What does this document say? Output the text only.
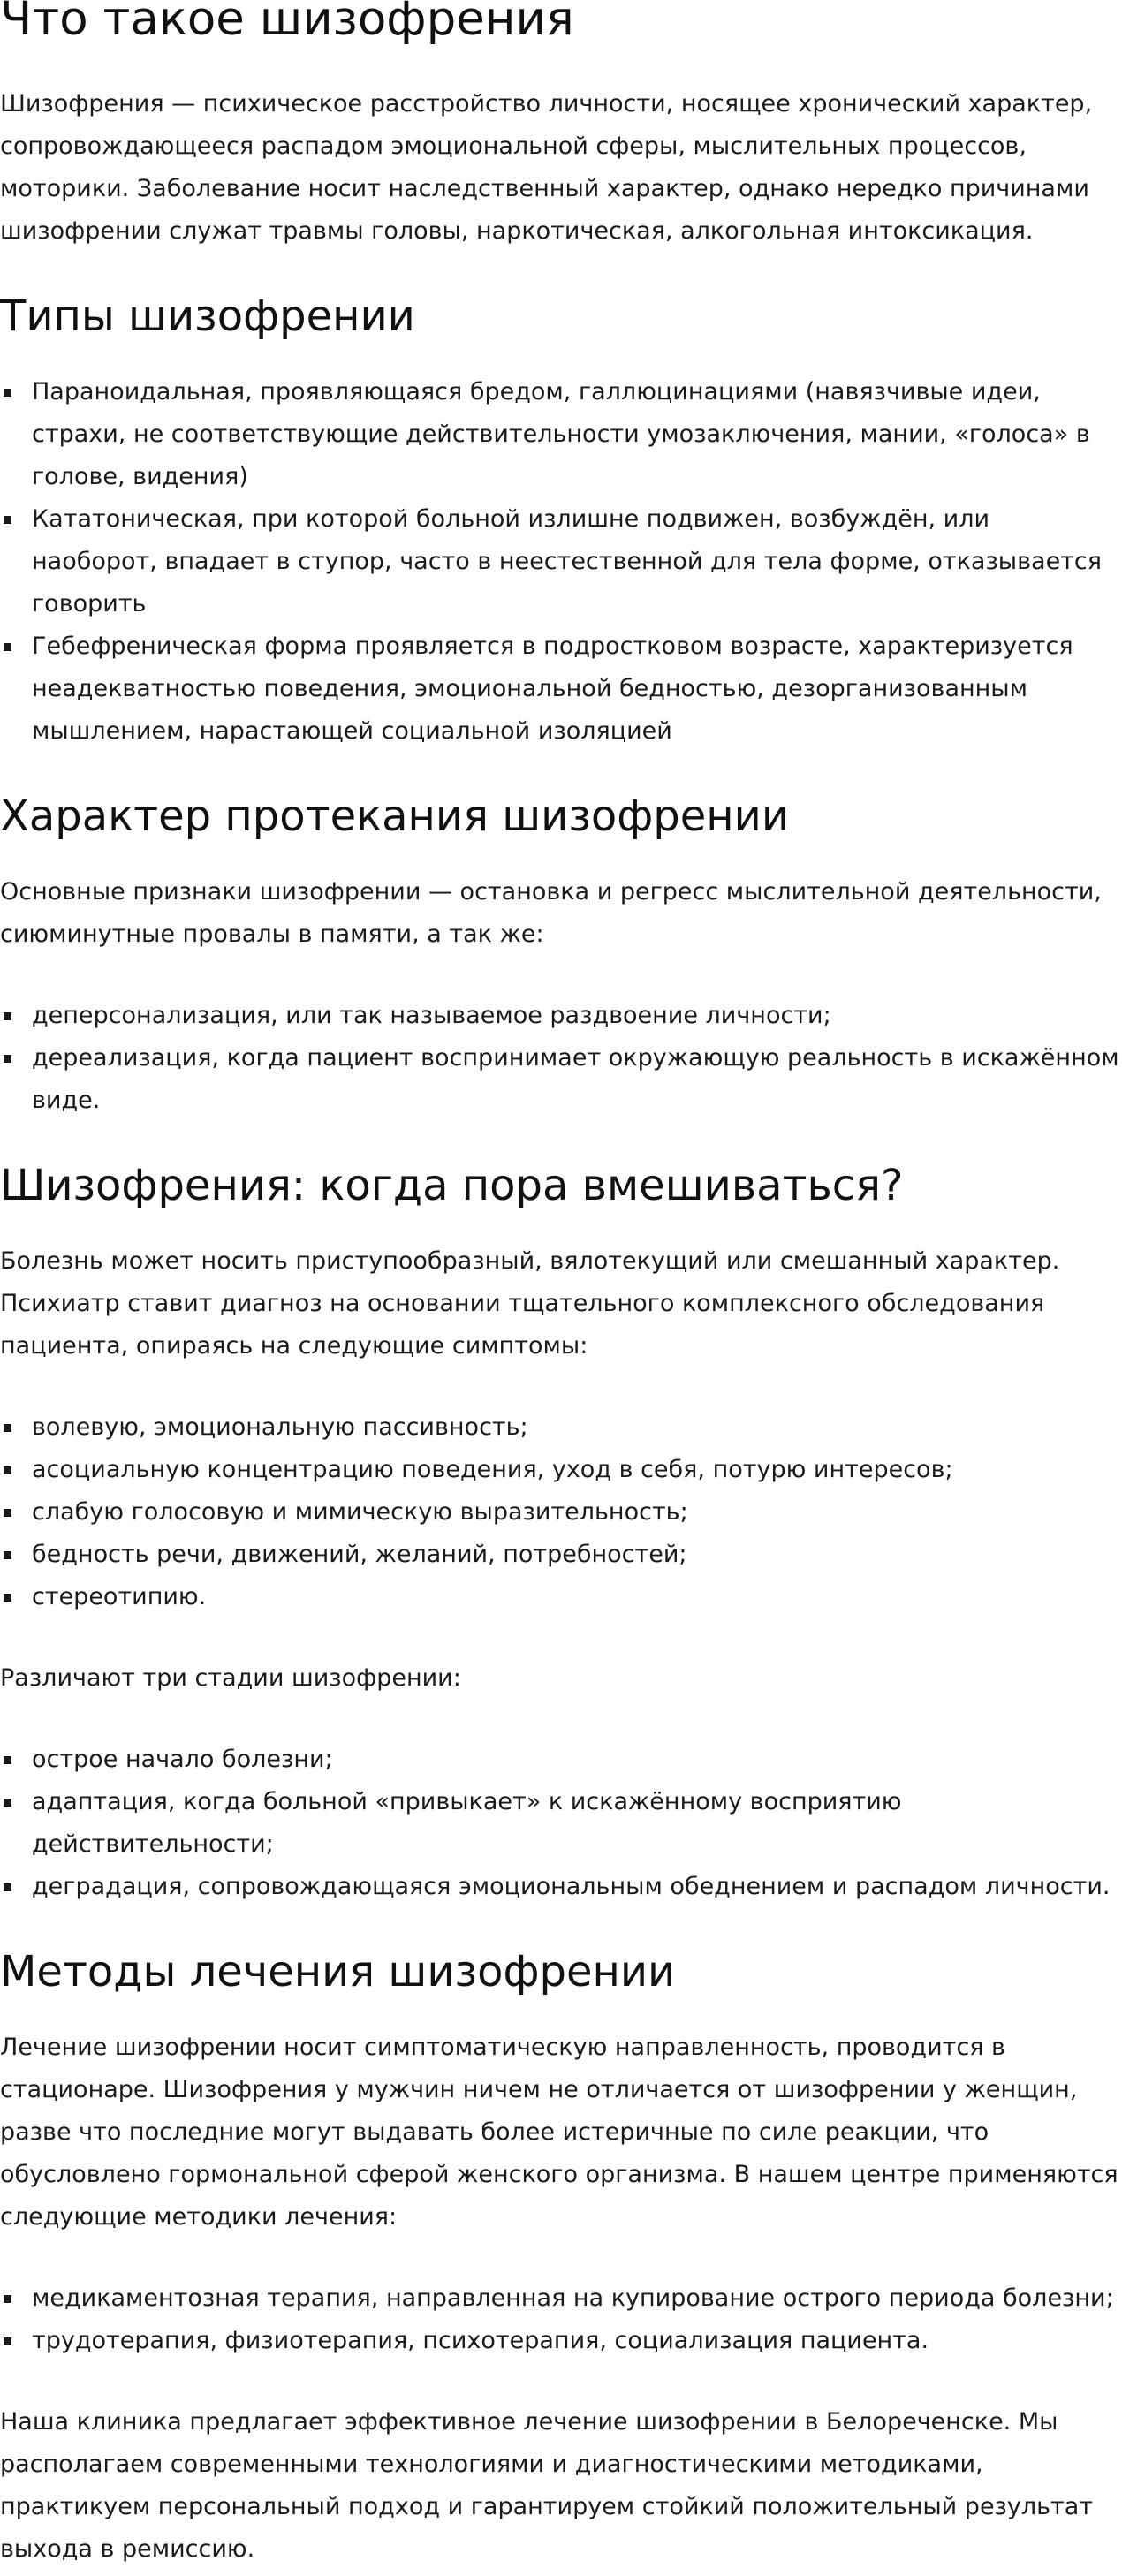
Что такое шизофрения

Шизофрения — психическое расстройство личности, носящее хронический характер, сопровождающееся распадом эмоциональной сферы, мыслительных процессов, моторики. Заболевание носит наследственный характер, однако нередко причинами шизофрении служат травмы головы, наркотическая, алкогольная интоксикация.

Типы шизофрении
Параноидальная, проявляющаяся бредом, галлюцинациями (навязчивые идеи, страхи, не соответствующие действительности умозаключения, мании, «голоса» в голове, видения)
Кататоническая, при которой больной излишне подвижен, возбуждён, или наоборот, впадает в ступор, часто в неестественной для тела форме, отказывается говорить
Гебефреническая форма проявляется в подростковом возрасте, характеризуется неадекватностью поведения, эмоциональной бедностью, дезорганизованным мышлением, нарастающей социальной изоляцией
Характер протекания шизофрении

Основные признаки шизофрении — остановка и регресс мыслительной деятельности, сиюминутные провалы в памяти, а так же:

деперсонализация, или так называемое раздвоение личности;
дереализация, когда пациент воспринимает окружающую реальность в искажённом виде.
Шизофрения: когда пора вмешиваться?

Болезнь может носить приступообразный, вялотекущий или смешанный характер. Психиатр ставит диагноз на основании тщательного комплексного обследования пациента, опираясь на следующие симптомы:

волевую, эмоциональную пассивность;
асоциальную концентрацию поведения, уход в себя, потурю интересов;
слабую голосовую и мимическую выразительность;
бедность речи, движений, желаний, потребностей;
стереотипию.

Различают три стадии шизофрении:

острое начало болезни;
адаптация, когда больной «привыкает» к искажённому восприятию действительности;
деградация, сопровождающаяся эмоциональным обеднением и распадом личности.
Методы лечения шизофрении

Лечение шизофрении носит симптоматическую направленность, проводится в стационаре. Шизофрения у мужчин ничем не отличается от шизофрении у женщин, разве что последние могут выдавать более истеричные по силе реакции, что обусловлено гормональной сферой женского организма. В нашем центре применяются следующие методики лечения:

медикаментозная терапия, направленная на купирование острого периода болезни;
трудотерапия, физиотерапия, психотерапия, социализация пациента.

Наша клиника предлагает эффективное лечение шизофрении в Белореченске. Мы располагаем современными технологиями и диагностическими методиками, практикуем персональный подход и гарантируем стойкий положительный результат выхода в ремиссию.
